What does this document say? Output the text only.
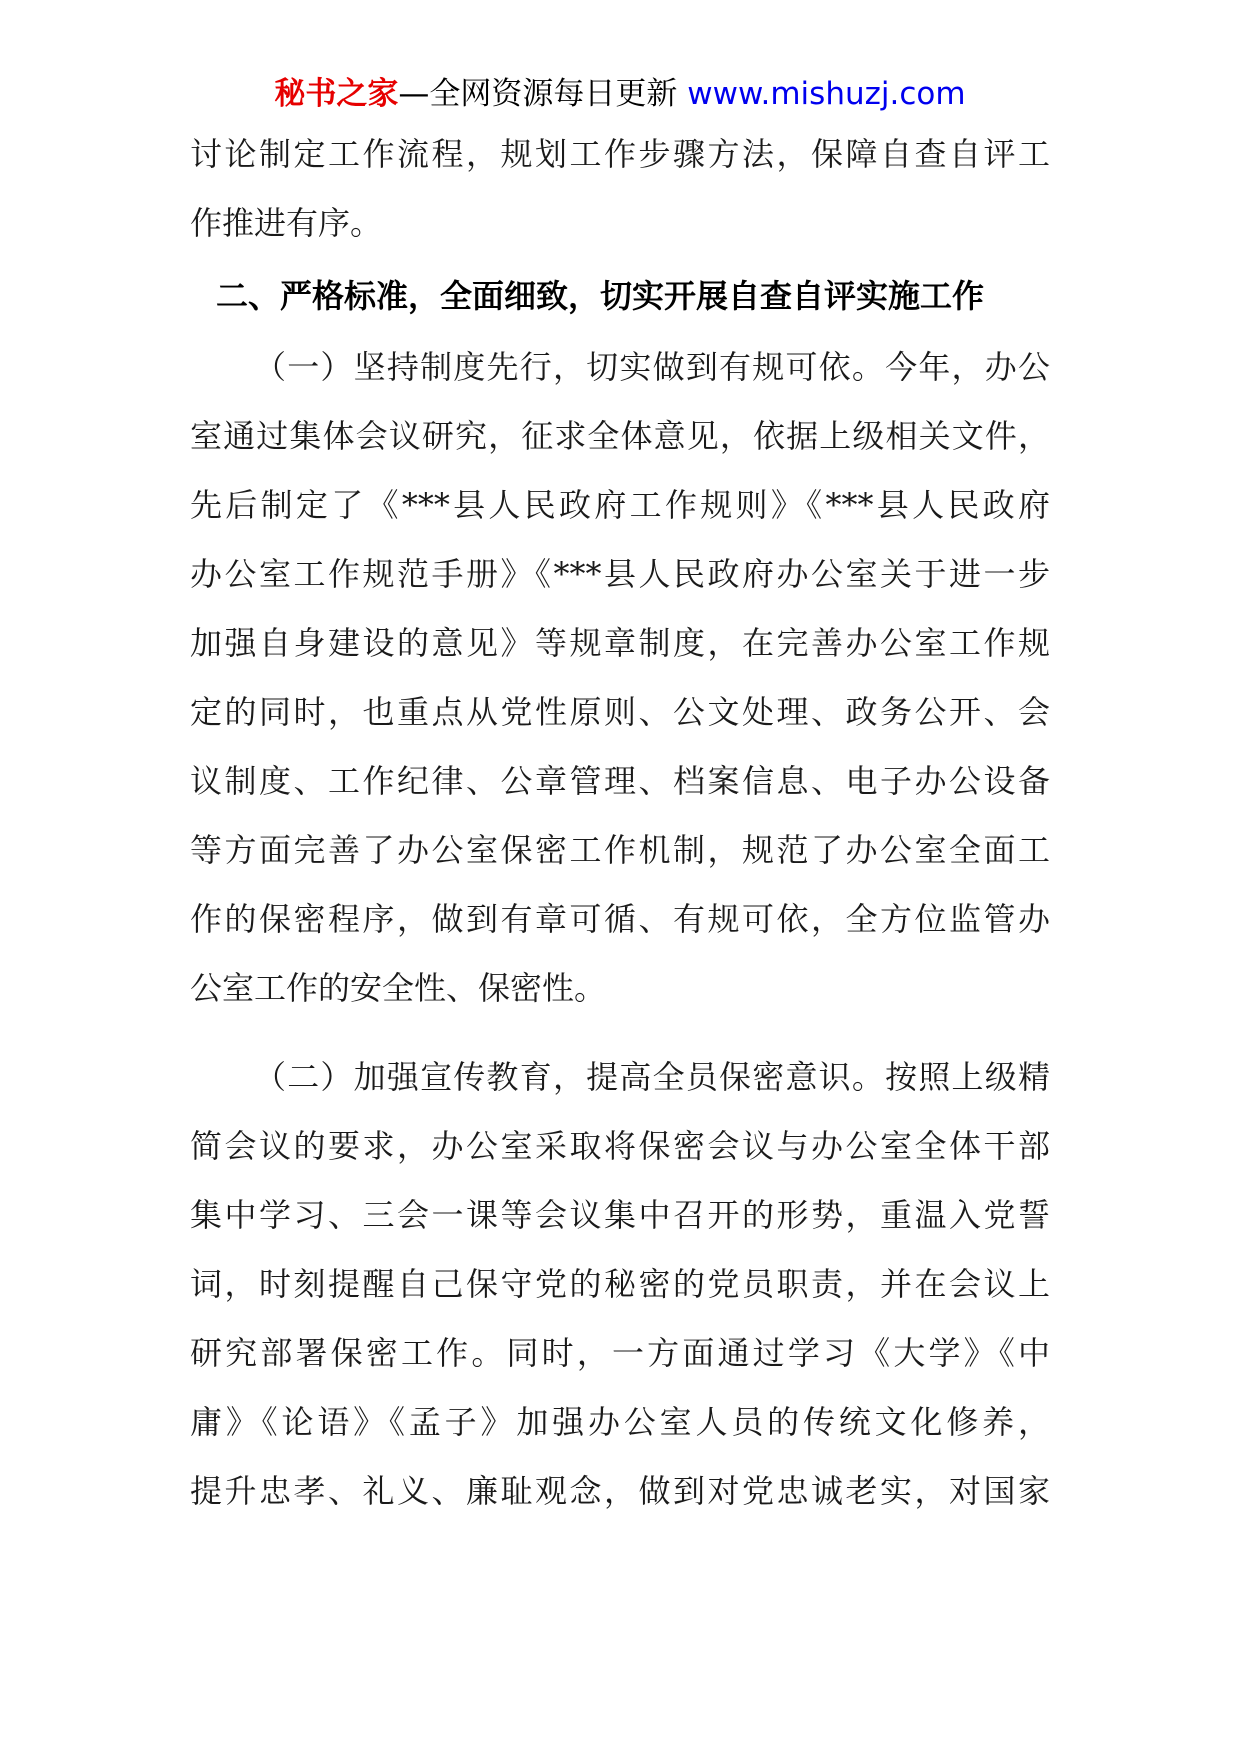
秘书之家—全网资源每日更新 www.mishuzj.com
讨论制定工作流程，规划工作步骤方法，保障自查自评工
作推进有序。
二、严格标准，全面细致，切实开展自查自评实施工作
（一）坚持制度先行，切实做到有规可依。今年，办公
室通过集体会议研究，征求全体意见，依据上级相关文件，
先后制定了《***县人民政府工作规则》《***县人民政府
办公室工作规范手册》《***县人民政府办公室关于进一步
加强自身建设的意见》等规章制度，在完善办公室工作规
定的同时，也重点从党性原则、公文处理、政务公开、会
议制度、工作纪律、公章管理、档案信息、电子办公设备
等方面完善了办公室保密工作机制，规范了办公室全面工
作的保密程序，做到有章可循、有规可依，全方位监管办
公室工作的安全性、保密性。
（二）加强宣传教育，提高全员保密意识。按照上级精
简会议的要求，办公室采取将保密会议与办公室全体干部
集中学习、三会一课等会议集中召开的形势，重温入党誓
词，时刻提醒自己保守党的秘密的党员职责，并在会议上
研究部署保密工作。同时，一方面通过学习《大学》《中
庸》《论语》《孟子》加强办公室人员的传统文化修养，
提升忠孝、礼义、廉耻观念，做到对党忠诚老实，对国家
